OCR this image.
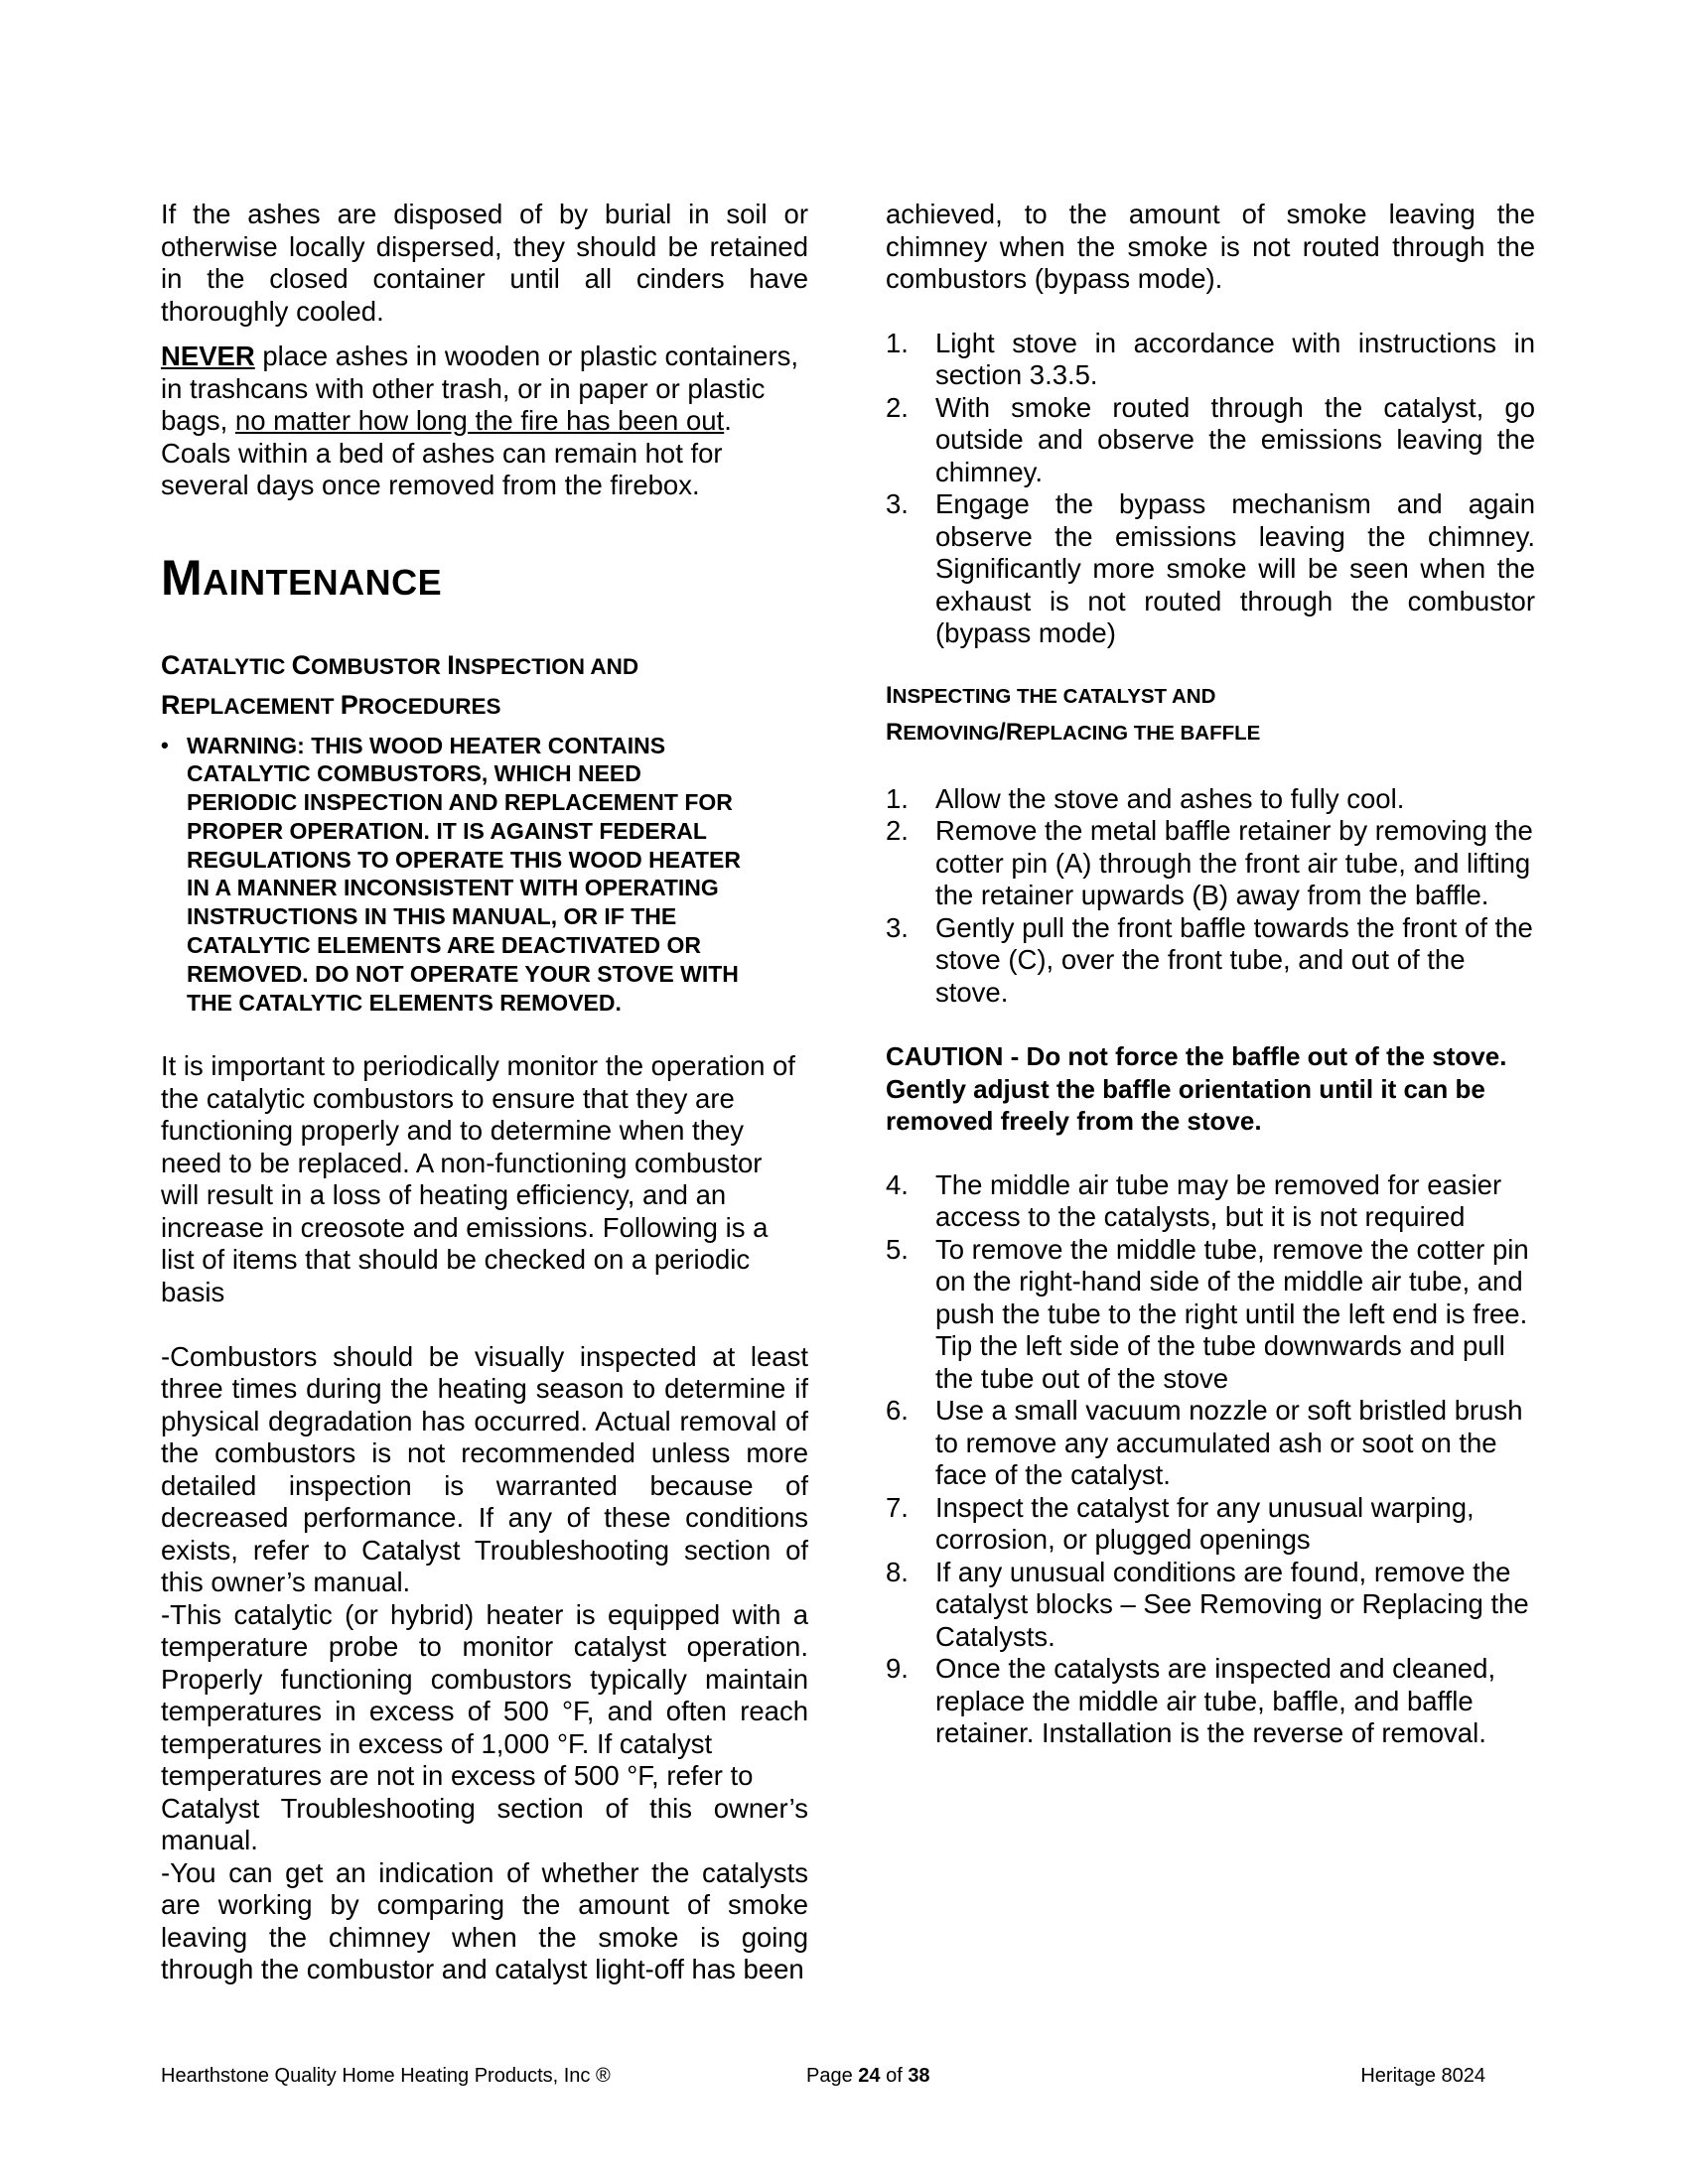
If the ashes are disposed of by burial in soil or otherwise locally dispersed, they should be retained in the closed container until all cinders have thoroughly cooled.

NEVER place ashes in wooden or plastic containers, in trashcans with other trash, or in paper or plastic bags, no matter how long the fire has been out. Coals within a bed of ashes can remain hot for several days once removed from the firebox.

MAINTENANCE
CATALYTIC COMBUSTOR INSPECTION AND
REPLACEMENT PROCEDURES
• WARNING: THIS WOOD HEATER CONTAINS
CATALYTIC COMBUSTORS, WHICH NEED
PERIODIC INSPECTION AND REPLACEMENT FOR
PROPER OPERATION. IT IS AGAINST FEDERAL
REGULATIONS TO OPERATE THIS WOOD HEATER
IN A MANNER INCONSISTENT WITH OPERATING
INSTRUCTIONS IN THIS MANUAL, OR IF THE
CATALYTIC ELEMENTS ARE DEACTIVATED OR
REMOVED. DO NOT OPERATE YOUR STOVE WITH
THE CATALYTIC ELEMENTS REMOVED.
It is important to periodically monitor the operation of
the catalytic combustors to ensure that they are
functioning properly and to determine when they
need to be replaced. A non-functioning combustor
will result in a loss of heating efficiency, and an
increase in creosote and emissions. Following is a
list of items that should be checked on a periodic
basis

-Combustors should be visually inspected at least three times during the heating season to determine if physical degradation has occurred. Actual removal of the combustors is not recommended unless more detailed inspection is warranted because of decreased performance. If any of these conditions exists, refer to Catalyst Troubleshooting section of this owner’s manual.

-This catalytic (or hybrid) heater is equipped with a temperature probe to monitor catalyst operation. Properly functioning combustors typically maintain temperatures in excess of 500 °F, and often reach temperatures in excess of 1,000 °F. If catalyst

temperatures are not in excess of 500 °F, refer to

Catalyst Troubleshooting section of this owner’s manual.

-You can get an indication of whether the catalysts are working by comparing the amount of smoke leaving the chimney when the smoke is going through the combustor and catalyst light-off has been

achieved, to the amount of smoke leaving the chimney when the smoke is not routed through the combustors (bypass mode).

1. Light stove in accordance with instructions in section 3.3.5.
2. With smoke routed through the catalyst, go outside and observe the emissions leaving the chimney.
3. Engage the bypass mechanism and again observe the emissions leaving the chimney. Significantly more smoke will be seen when the exhaust is not routed through the combustor (bypass mode)
INSPECTING THE CATALYST AND
REMOVING/REPLACING THE BAFFLE
1. Allow the stove and ashes to fully cool.
2. Remove the metal baffle retainer by removing the cotter pin (A) through the front air tube, and lifting the retainer upwards (B) away from the baffle.
3. Gently pull the front baffle towards the front of the stove (C), over the front tube, and out of the stove.

CAUTION - Do not force the baffle out of the stove. Gently adjust the baffle orientation until it can be removed freely from the stove.

4. The middle air tube may be removed for easier access to the catalysts, but it is not required
5. To remove the middle tube, remove the cotter pin on the right-hand side of the middle air tube, and push the tube to the right until the left end is free. Tip the left side of the tube downwards and pull the tube out of the stove
6. Use a small vacuum nozzle or soft bristled brush to remove any accumulated ash or soot on the face of the catalyst.
7. Inspect the catalyst for any unusual warping, corrosion, or plugged openings
8. If any unusual conditions are found, remove the catalyst blocks – See Removing or Replacing the Catalysts.
9. Once the catalysts are inspected and cleaned, replace the middle air tube, baffle, and baffle retainer. Installation is the reverse of removal.
Hearthstone Quality Home Heating Products, Inc ®	Page 24 of 38	Heritage 8024
